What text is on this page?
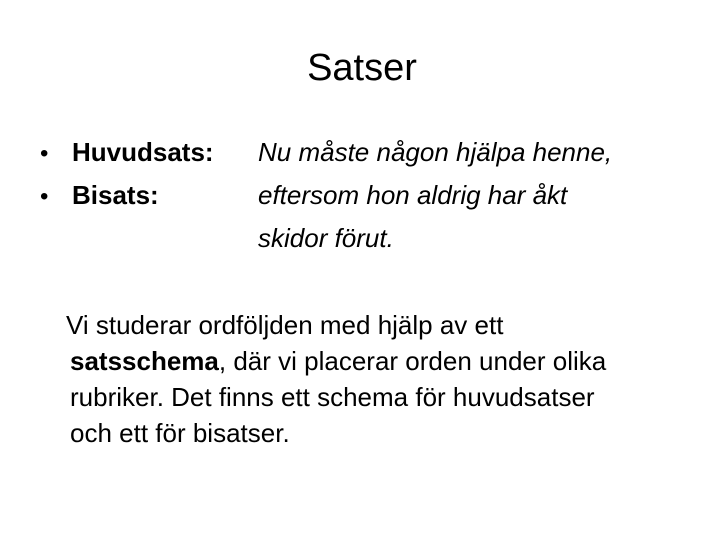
Satser
• Huvudsats:
• Bisats:
Nu måste någon hjälpa henne,
eftersom hon aldrig har åkt
skidor förut.
Vi studerar ordföljden med hjälp av ett
satsschema, där vi placerar orden under olika
rubriker. Det finns ett schema för huvudsatser
och ett för bisatser.
